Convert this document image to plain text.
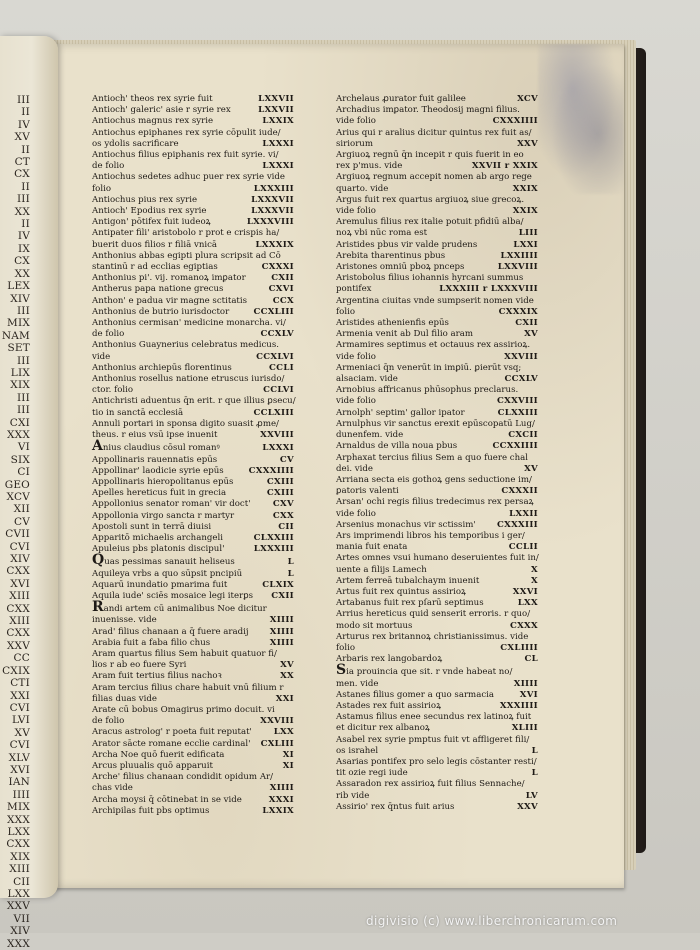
III
II
IV
XV
II
CT
CX
II
III
XX
II
IV
IX
CX
XX
LEX
XIV
III
MIX
NAM
SET
III
LIX
XIX
III
III
CXI
XXX
VI
SIX
CI
GEO
XCV
XII
CV
CVII
CVI
XIV
CXX
XVI
XIII
CXX
XIII
CXX
XXV
CC
CXIX
CTI
XXI
CVI
LVI
XV
CVI
XLV
XVI
IAN
IIII
MIX
XXX
LXX
CXX
XIX
XIII
CII
LXX
XXV
VII
XIV
XXX
Antioch' theos rex syrie fuit	LXXVII
Antioch' galeric' asie r syrie rex	LXXVII
Antiochus magnus rex syrie	LXXIX
Antiochus epiphanes rex syrie cōpulit iude/
os ydolis sacrificare	LXXXI
Antiochus filius epiphanis rex fuit syrie. vi/
de folio	LXXXI
Antiochus sedetes adhuc puer rex syrie vide
folio	LXXXIII
Antiochus pius rex syrie	LXXXVII
Antioch' Epodius rex syrie	LXXXVII
Antigon' pōtifex fuit iudeoꝝ	LXXXVIII
Antipater fili' aristobolo r prot e crispis ha/
buerit duos filios r filiā vnicā	LXXXIX
Anthonius abbas egipti plura scripsit ad Cō
stantinū r ad ecclias egiptias	CXXXI
Anthonius pi'. vij. romanoꝝ imꝑator	CXII
Antherus papa natione grecus	CXVI
Anthon' e padua vir magne sctitatis	CCX
Anthonius de butrio iurisdoctor	CCXLIII
Anthonius cermisan' medicine monarcha. vi/
de folio	CCXLV
Anthonius Guaynerius celebratus medicus.
vide	CCXLVI
Anthonius archiepūs florentinus	CCLI
Anthonius rosellus natione etruscus iurisdo/
ctor. folio	CCLVI
Antichristi aduentus q̄n erit. r que illius ꝑsecu/
tio in sanctā ecclesiā	CCLXIII
Annuli portari in sponsa digito suasit ꝓme/
theus. r eius vsū ipse inuenit	XXVIII
Anius claudius cōsul romanꝰ	LXXXI
Appollinaris rauennatis epūs	CV
Appollinar' laodicie syrie epūs	CXXXIIII
Appollinaris hieropolitanus epūs	CXIII
Apelles hereticus fuit in grecia	CXIII
Appollonius senator roman' vir doct'	CXV
Appollonia virgo sancta r martyr	CXX
Apostoli sunt in terrā diuisi	CII
Apparitō michaelis archangeli	CLXXIII
Apuleius pbs platonis discipul'	LXXXIII
Quas pessimas sanauit heliseus	L
Aquileya vrbs a quo sūpsit pncipiū	L
Aquarū inundatio pmarima fuit	CLXIX
Aquila iude' sciēs mosaice legi iterꝑs	CXII
Randi artem cū animalibus Noe dicitur
inuenisse. vide	XIIII
Arad' filius chanaan a q̄ fuere aradij	XIIII
Arabia fuit a faba filio chus	XIIII
Aram quartus filius Sem habuit quatuor fi/
lios r ab eo fuere Syri	XV
Aram fuit tertius filius nachoꝛ	XX
Aram tercius filius chare habuit vnū filium r
filias duas vide	XXI
Arate cū bobus Omagirus primo docuit. vi
de folio	XXVIII
Aracus astrolog' r poeta fuit reputat'	LXX
Arator sācte romane ecclie cardinal'	CXLIII
Archa Noe quō fuerit edificata	XI
Arcus pluualis quō apparuit	XI
Arche' filius chanaan condidit opidum Ar/
chas vide	XIIII
Archa moysi q̄ cōtinebat in se vide	XXXI
Archipilas fuit pbs optimus	LXXIX
Archelaus ꝓurator fuit galilee	XCV
Archadius imꝑator. Theodosij magni filius.
vide folio	CXXXIIII
Arius qui r aralius dicitur quintus rex fuit as/
siriorum	XXV
Argiuoꝝ regnū q̄n incepit r quis fuerit in eo
rex p'mus. vide	XXVII r XXIX
Argiuoꝝ regnum accepit nomen ab argo rege
quarto. vide	XXIX
Argus fuit rex quartus argiuoꝝ siue grecoꝝ.
vide folio	XXIX
Aremulus filius rex italie potuit pfidiū alba/
noꝝ vbi nūc roma est	LIII
Aristides pbus vir valde prudens	LXXI
Arebita tharentinus pbus	LXXIIII
Aristones omniū pboꝝ pnceps	LXXVIII
Aristobolus filius iohannis hyrcani summus
pontifex	LXXXIII r LXXXVIII
Argentina ciuitas vnde sumpserit nomen vide
folio	CXXXIX
Aristides athenienfis epūs	CXII
Armenia venit ab Dul filio aram	XV
Armamires septimus et octauus rex assirioꝝ.
vide folio	XXVIII
Armeniaci q̄n venerūt in imꝑiū. ꝑierūt vsq;
alsaciam. vide	CCXLV
Arnobius affricanus phūsophus preclarus.
vide folio	CXXVIII
Arnolph' septim' gallor ipator	CLXXIII
Arnulphus vir sanctus erexit epūscopatū Lug/
dunenfem. vide	CXCII
Arnaldus de villa noua pbus	CCXXIIII
Arphaxat tercius filius Sem a quo fuere chal
dei. vide	XV
Arriana secta eis gothoꝝ gens seductione im/
ꝑatoris valenti	CXXXII
Arsan' ochi regis filius tredecimus rex persaꝝ
vide folio	LXXII
Arsenius monachus vir sctissim'	CXXXIII
Ars imprimendi libros his temporibus i ger/
mania fuit enata	CCLII
Artes omnes vsui humano deseruientes fuit in/
uente a filijs Lamech	X
Artem ferreā tubalchaym inuenit	X
Artus fuit rex quintus assirioꝝ	XXVI
Artabanus fuit rex pſarū septimus	LXX
Arrius hereticus quid senserit erroris. r quo/
modo sit mortuus	CXXX
Arturus rex britannoꝝ christianissimus. vide
folio	CXLIIII
Arbaris rex langobardoꝝ	CL
Sia prouincia que sit. r vnde habeat no/
men. vide	XIIII
Astanes filius gomer a quo sarmacia	XVI
Astades rex fuit assirioꝝ	XXXIIII
Astamus filius enee secundus rex latinoꝝ fuit
et dicitur rex albanoꝝ	XLIII
Asabel rex syrie pmptus fuit vt affligeret fili/
os israhel	L
Asarias pontifex pro selo legis cōstanter resti/
tit ozie regi iude	L
Assaradon rex assirioꝝ fuit filius Sennache/
rib vide	LV
Assirio' rex q̄ntus fuit arius	XXV
digivisio (c) www.liberchronicarum.com
